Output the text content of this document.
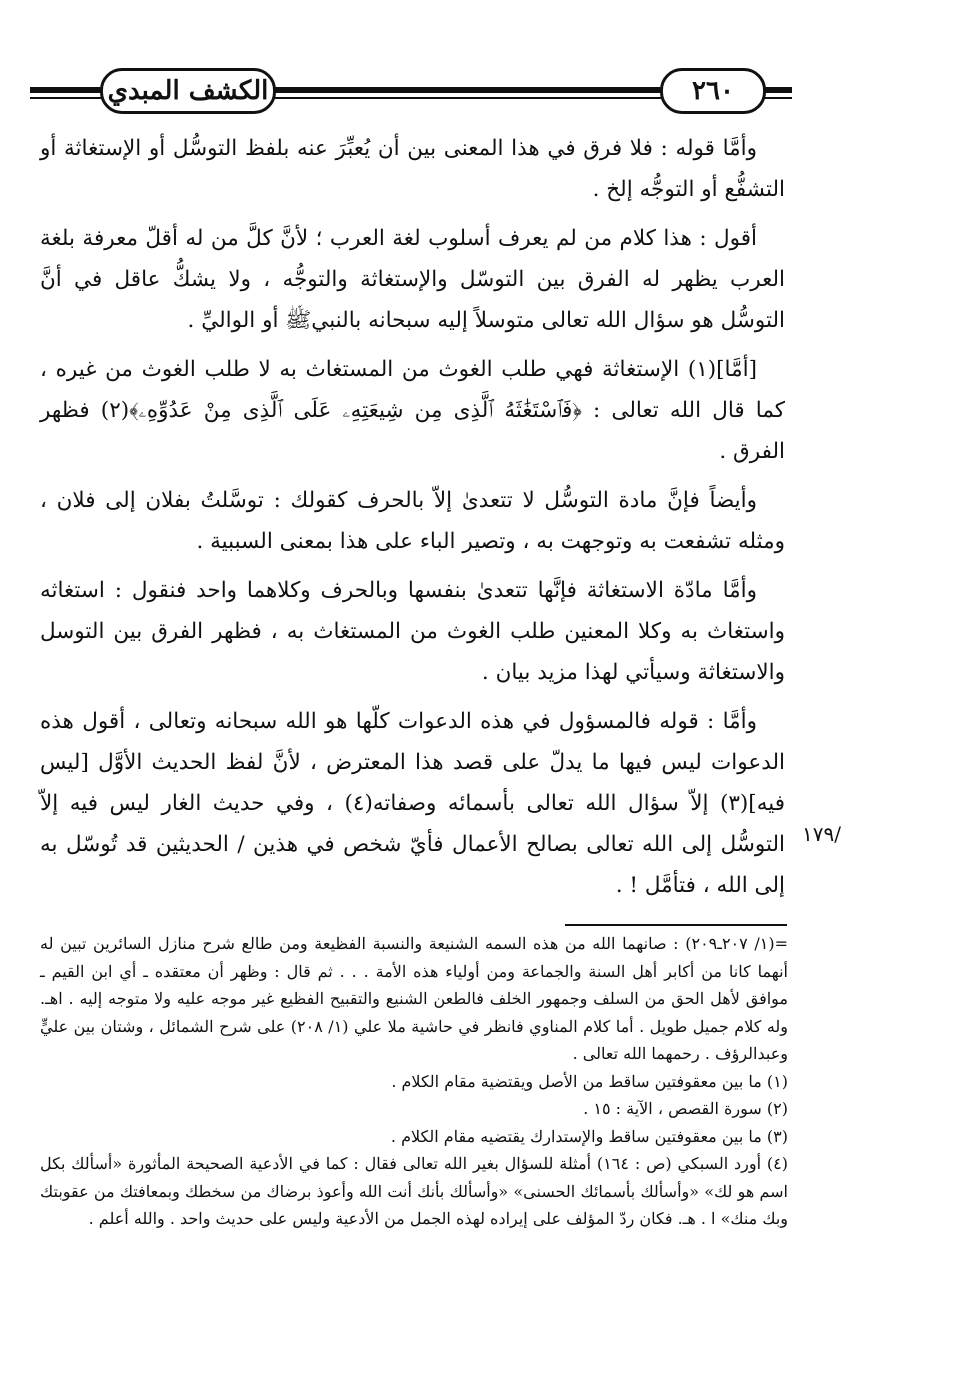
الكشف المبدي	٢٦٠

وأمَّا قوله : فلا فرق في هذا المعنى بين أن يُعبِّرَ عنه بلفظ التوسُّل أو الإستغاثة أو التشفُّع أو التوجُّه إلخ .

أقول : هذا كلام من لم يعرف أسلوب لغة العرب ؛ لأنَّ كلَّ من له أقلّ معرفة بلغة العرب يظهر له الفرق بين التوسّل والإستغاثة والتوجُّه ، ولا يشكُّ عاقل في أنَّ التوسُّل هو سؤال الله تعالى متوسلاً إليه سبحانه بالنبيﷺ أو الواليِّ .

[أمَّا](١) الإستغاثة فهي طلب الغوث من المستغاث به لا طلب الغوث من غيره ، كما قال الله تعالى : ﴿فَٱسْتَغَٰثَهُ ٱلَّذِى مِن شِيعَتِهِۦ عَلَى ٱلَّذِى مِنْ عَدُوِّهِۦ﴾(٢) فظهر الفرق .

وأيضاً فإنَّ مادة التوسُّل لا تتعدىٰ إلاّ بالحرف كقولك : توسَّلتُ بفلان إلى فلان ، ومثله تشفعت به وتوجهت به ، وتصير الباء على هذا بمعنى السببية .

وأمَّا مادّة الاستغاثة فإنَّها تتعدىٰ بنفسها وبالحرف وكلاهما واحد فنقول : استغاثه واستغاث به وكلا المعنين طلب الغوث من المستغاث به ، فظهر الفرق بين التوسل والاستغاثة وسيأتي لهذا مزيد بيان .

وأمَّا : قوله فالمسؤول في هذه الدعوات كلّها هو الله سبحانه وتعالى ، أقول هذه الدعوات ليس فيها ما يدلّ على قصد هذا المعترض ، لأنَّ لفظ الحديث الأوَّل [ليس فيه](٣) إلاّ سؤال الله تعالى بأسمائه وصفاته(٤) ، وفي حديث الغار ليس فيه إلاّ التوسُّل إلى الله تعالى بصالح الأعمال فأيّ شخص في هذين / الحديثين قد تُوسّل به إلى الله ، فتأمَّل ! .

/١٧٩

=(١/ ٢٠٧ـ٢٠٩) : صانهما الله من هذه السمه الشنيعة والنسبة الفظيعة ومن طالع شرح منازل السائرين تبين له أنهما كانا من أكابر أهل السنة والجماعة ومن أولياء هذه الأمة . . . ثم قال : وظهر أن معتقده ـ أي ابن القيم ـ موافق لأهل الحق من السلف وجمهور الخلف فالطعن الشنيع والتقبيح الفظيع غير موجه عليه ولا متوجه إليه . اهـ. وله كلام جميل طويل . أما كلام المناوي فانظر في حاشية ملا علي (١/ ٢٠٨) على شرح الشمائل ، وشتان بين عليٍّ وعبدالرؤف . رحمهما الله تعالى .

(١) ما بين معقوفتين ساقط من الأصل ويقتضية مقام الكلام .

(٢) سورة القصص ، الآية : ١٥ .

(٣) ما بين معقوفتين ساقط والإستدارك يقتضيه مقام الكلام .

(٤) أورد السبكي (ص : ١٦٤) أمثلة للسؤال بغير الله تعالى فقال : كما في الأدعية الصحيحة المأثورة «أسألك بكل اسم هو لك» «وأسألك بأسمائك الحسنى» «وأسألك بأنك أنت الله وأعوذ برضاك من سخطك وبمعافتك من عقوبتك وبك منك» ا . هـ. فكان ردّ المؤلف على إيراده لهذه الجمل من الأدعية وليس على حديث واحد . والله أعلم .
